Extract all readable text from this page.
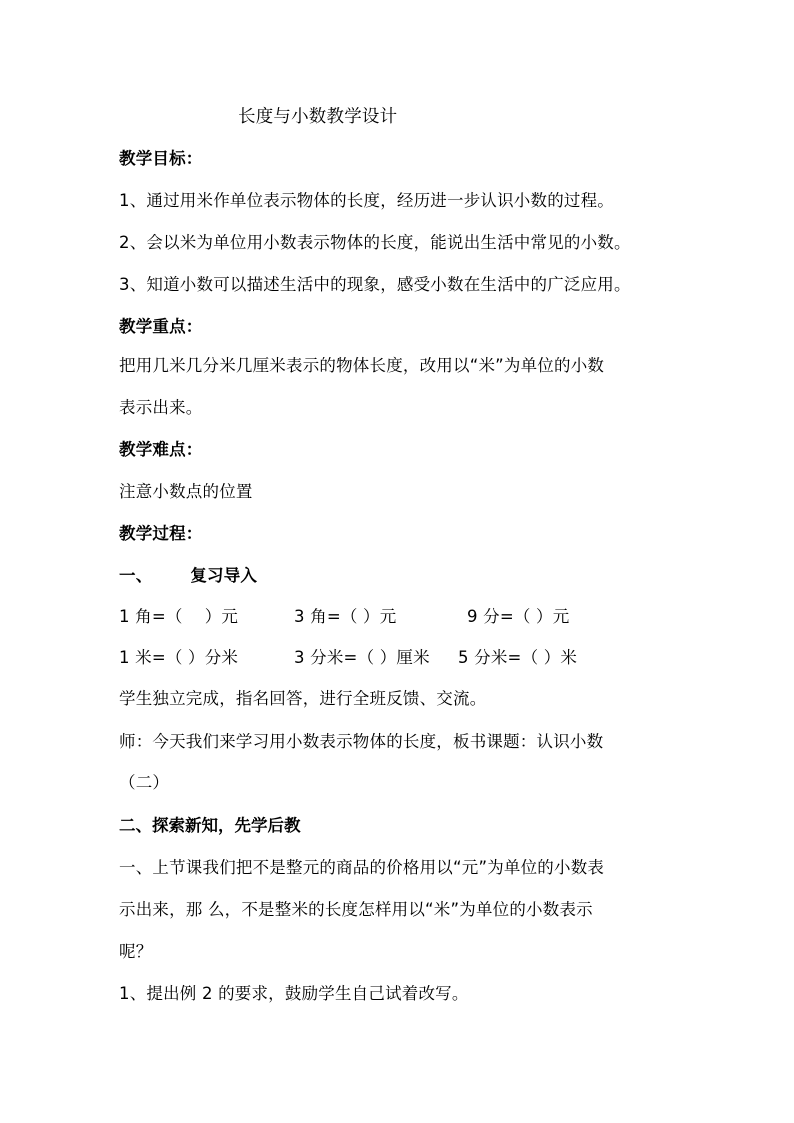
长度与小数教学设计
教学目标：
1、通过用米作单位表示物体的长度，经历进一步认识小数的过程。
2、会以米为单位用小数表示物体的长度，能说出生活中常见的小数。
3、知道小数可以描述生活中的现象，感受小数在生活中的广泛应用。
教学重点：
把用几米几分米几厘米表示的物体长度，改用以“米”为单位的小数
表示出来。
教学难点：
注意小数点的位置
教学过程：
一、 复习导入
1 角=（　 ）元	3 角=（ ）元	9 分=（ ）元
1 米=（ ）分米	3 分米=（ ）厘米 5 分米=（ ）米
学生独立完成，指名回答，进行全班反馈、交流。
师：今天我们来学习用小数表示物体的长度，板书课题：认识小数
（二）
二、探索新知，先学后教
一、上节课我们把不是整元的商品的价格用以“元”为单位的小数表
示出来，那 么，不是整米的长度怎样用以“米”为单位的小数表示
呢？
1、提出例 2 的要求，鼓励学生自己试着改写。
